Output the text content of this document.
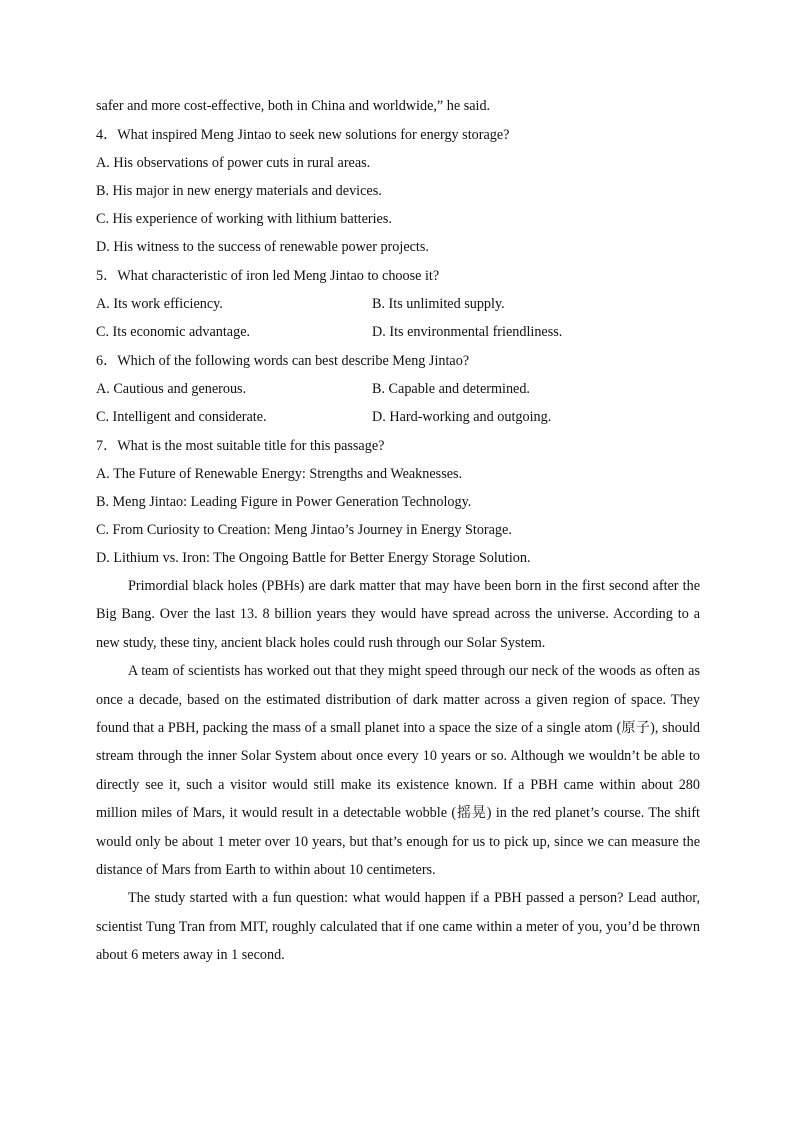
safer and more cost-effective, both in China and worldwide,” he said.
4．What inspired Meng Jintao to seek new solutions for energy storage?
A. His observations of power cuts in rural areas.
B. His major in new energy materials and devices.
C. His experience of working with lithium batteries.
D. His witness to the success of renewable power projects.
5．What characteristic of iron led Meng Jintao to choose it?
A. Its work efficiency.	B. Its unlimited supply.
C. Its economic advantage.	D. Its environmental friendliness.
6．Which of the following words can best describe Meng Jintao?
A. Cautious and generous.	B. Capable and determined.
C. Intelligent and considerate.	D. Hard-working and outgoing.
7．What is the most suitable title for this passage?
A. The Future of Renewable Energy: Strengths and Weaknesses.
B. Meng Jintao: Leading Figure in Power Generation Technology.
C. From Curiosity to Creation: Meng Jintao’s Journey in Energy Storage.
D. Lithium vs. Iron: The Ongoing Battle for Better Energy Storage Solution.

Primordial black holes (PBHs) are dark matter that may have been born in the first second after the Big Bang. Over the last 13. 8 billion years they would have spread across the universe. According to a new study, these tiny, ancient black holes could rush through our Solar System.

A team of scientists has worked out that they might speed through our neck of the woods as often as once a decade, based on the estimated distribution of dark matter across a given region of space. They found that a PBH, packing the mass of a small planet into a space the size of a single atom (原子), should stream through the inner Solar System about once every 10 years or so. Although we wouldn’t be able to directly see it, such a visitor would still make its existence known. If a PBH came within about 280 million miles of Mars, it would result in a detectable wobble (摇晃) in the red planet’s course. The shift would only be about 1 meter over 10 years, but that’s enough for us to pick up, since we can measure the distance of Mars from Earth to within about 10 centimeters.

The study started with a fun question: what would happen if a PBH passed a person? Lead author, scientist Tung Tran from MIT, roughly calculated that if one came within a meter of you, you’d be thrown about 6 meters away in 1 second.
